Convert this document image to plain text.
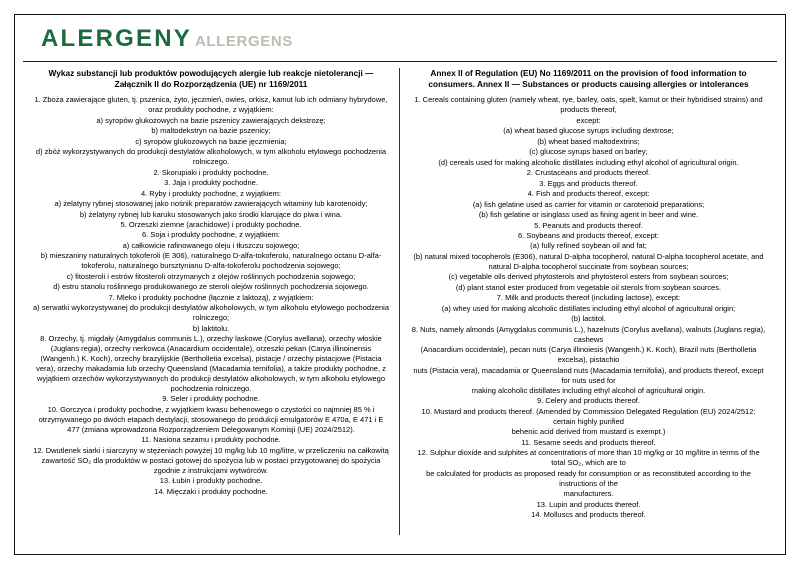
ALERGENY ALLERGENS
Wykaz substancji lub produktów powodujących alergie lub reakcje nietolerancji — Załącznik II do Rozporządzenia (UE) nr 1169/2011

1. Zboża zawierające gluten, tj. pszenica, żyto, jęczmień, owies, orkisz, kamut lub ich odmiany hybrydowe, oraz produkty pochodne, z wyjątkiem:

a) syropów glukozowych na bazie pszenicy zawierających dekstrozę;

b) maltodekstryn na bazie pszenicy;

c) syropów glukozowych na bazie jęczmienia;

d) zbóż wykorzystywanych do produkcji destylatów alkoholowych, w tym alkoholu etylowego pochodzenia rolniczego.

2. Skorupiaki i produkty pochodne.

3. Jaja i produkty pochodne.

4. Ryby i produkty pochodne, z wyjątkiem:

a) żelatyny rybnej stosowanej jako nośnik preparatów zawierających witaminy lub karotenoidy;

b) żelatyny rybnej lub karuku stosowanych jako środki klarujące do piwa i wina.

5. Orzeszki ziemne (arachidowe) i produkty pochodne.

6. Soja i produkty pochodne, z wyjątkiem:

a) całkowicie rafinowanego oleju i tłuszczu sojowego;

b) mieszaniny naturalnych tokoferoli (E 306), naturalnego D-alfa-tokoferolu, naturalnego octanu D-alfa-tokoferolu, naturalnego bursztynianu D-alfa-tokoferolu pochodzenia sojowego;

c) fitosteroli i estrów fitosteroli otrzymanych z olejów roślinnych pochodzenia sojowego;

d) estru stanolu roślinnego produkowanego ze steroli olejów roślinnych pochodzenia sojowego.

7. Mleko i produkty pochodne (łącznie z laktozą), z wyjątkiem:

a) serwatki wykorzystywanej do produkcji destylatów alkoholowych, w tym alkoholu etylowego pochodzenia rolniczego;

b) laktitolu.

8. Orzechy, tj. migdały (Amygdalus communis L.), orzechy laskowe (Corylus avellana), orzechy włoskie (Juglans regia), orzechy nerkowca (Anacardium occidentale), orzeszki pekan (Carya illinoinensis (Wangenh.) K. Koch), orzechy brazylijskie (Bertholletia excelsa), pistacje / orzechy pistacjowe (Pistacia vera), orzechy makadamia lub orzechy Queensland (Macadamia ternifolia), a także produkty pochodne, z wyjątkiem orzechów wykorzystywanych do produkcji destylatów alkoholowych, w tym alkoholu etylowego pochodzenia rolniczego.

9. Seler i produkty pochodne.

10. Gorczyca i produkty pochodne, z wyjątkiem kwasu behenowego o czystości co najmniej 85 % i otrzymywanego po dwóch etapach destylacji, stosowanego do produkcji emulgatorów E 470a, E 471 i E 477 (zmiana wprowadzona Rozporządzeniem Delegowanym Komisji (UE) 2024/2512).

11. Nasiona sezamu i produkty pochodne.

12. Dwutlenek siarki i siarczyny w stężeniach powyżej 10 mg/kg lub 10 mg/litre, w przeliczeniu na całkowitą zawartość SO₂ dla produktów w postaci gotowej do spożycia lub w postaci przygotowanej do spożycia zgodnie z instrukcjami wytwórców.

13. Łubin i produkty pochodne.

14. Mięczaki i produkty pochodne.

Annex II of Regulation (EU) No 1169/2011 on the provision of food information to consumers. Annex II — Substances or products causing allergies or intolerances

1. Cereals containing gluten (namely wheat, rye, barley, oats, spelt, kamut or their hybridised strains) and products thereof,

except:

(a) wheat based glucose syrups including dextrose;

(b) wheat based maltodextrins;

(c) glucose syrups based on barley;

(d) cereals used for making alcoholic distillates including ethyl alcohol of agricultural origin.

2. Crustaceans and products thereof.

3. Eggs and products thereof.

4. Fish and products thereof, except:

(a) fish gelatine used as carrier for vitamin or carotenoid preparations;

(b) fish gelatine or isinglass used as fining agent in beer and wine.

5. Peanuts and products thereof.

6. Soybeans and products thereof, except:

(a) fully refined soybean oil and fat;

(b) natural mixed tocopherols (E306), natural D-alpha tocopherol, natural D-alpha tocopherol acetate, and natural D-alpha tocopherol succinate from soybean sources;

(c) vegetable oils derived phytosterols and phytosterol esters from soybean sources;

(d) plant stanol ester produced from vegetable oil sterols from soybean sources.

7. Milk and products thereof (including lactose), except:

(a) whey used for making alcoholic distillates including ethyl alcohol of agricultural origin;

(b) lactitol.

8. Nuts, namely almonds (Amygdalus communis L.), hazelnuts (Corylus avellana), walnuts (Juglans regia), cashews

(Anacardium occidentale), pecan nuts (Carya illinoiesis (Wangenh.) K. Koch), Brazil nuts (Bertholletia excelsa), pistachio

nuts (Pistacia vera), macadamia or Queensland nuts (Macadamia ternifolia), and products thereof, except for nuts used for

making alcoholic distillates including ethyl alcohol of agricultural origin.

9. Celery and products thereof.

10. Mustard and products thereof. (Amended by Commission Delegated Regulation (EU) 2024/2512: certain highly purified

behenic acid derived from mustard is exempt.)

11. Sesame seeds and products thereof.

12. Sulphur dioxide and sulphites at concentrations of more than 10 mg/kg or 10 mg/litre in terms of the total SO₂, which are to

be calculated for products as proposed ready for consumption or as reconstituted according to the instructions of the

manufacturers.

13. Lupin and products thereof.

14. Molluscs and products thereof.
